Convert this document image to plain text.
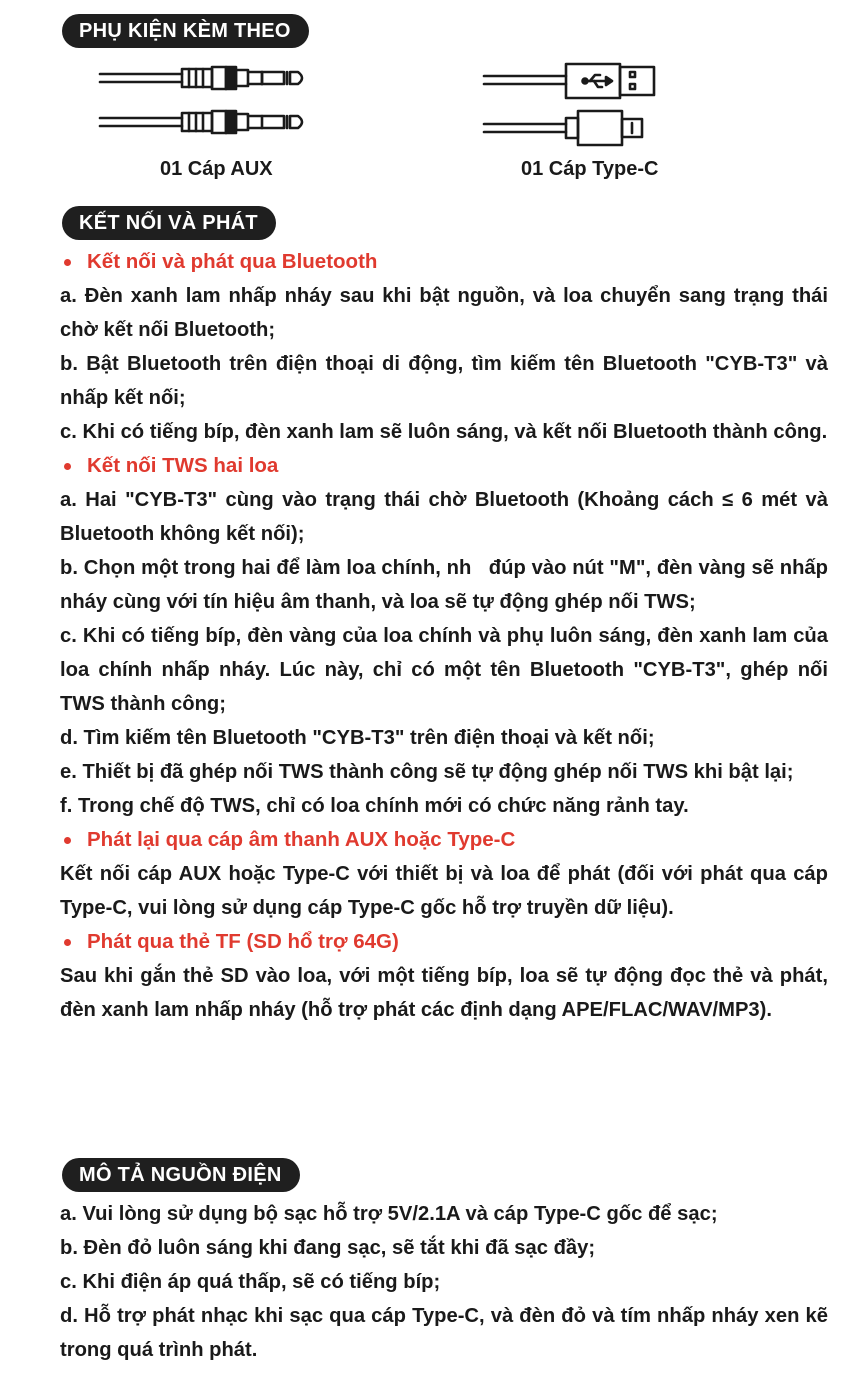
PHỤ KIỆN KÈM THEO
01 Cáp AUX	01 Cáp Type-C
KẾT NỐI VÀ PHÁT
Kết nối và phát qua Bluetooth

a. Đèn xanh lam nhấp nháy sau khi bật nguồn, và loa chuyển sang trạng thái chờ kết nối Bluetooth;

b. Bật Bluetooth trên điện thoại di động, tìm kiếm tên Bluetooth "CYB-T3" và nhấp kết nối;

c. Khi có tiếng bíp, đèn xanh lam sẽ luôn sáng, và kết nối Bluetooth thành công.

Kết nối TWS hai loa

a. Hai "CYB-T3" cùng vào trạng thái chờ Bluetooth (Khoảng cách ≤ 6 mét và Bluetooth không kết nối);

b. Chọn một trong hai để làm loa chính, nh   đúp vào nút "M", đèn vàng sẽ nhấp nháy cùng với tín hiệu âm thanh, và loa sẽ tự động ghép nối TWS;

c. Khi có tiếng bíp, đèn vàng của loa chính và phụ luôn sáng, đèn xanh lam của loa chính nhấp nháy. Lúc này, chỉ có một tên Bluetooth "CYB-T3", ghép nối TWS thành công;

d. Tìm kiếm tên Bluetooth "CYB-T3" trên điện thoại và kết nối;

e. Thiết bị đã ghép nối TWS thành công sẽ tự động ghép nối TWS khi bật lại;

f. Trong chế độ TWS, chỉ có loa chính mới có chức năng rảnh tay.

Phát lại qua cáp âm thanh AUX hoặc Type-C

Kết nối cáp AUX hoặc Type-C với thiết bị và loa để phát (đối với phát qua cáp Type-C, vui lòng sử dụng cáp Type-C gốc hỗ trợ truyền dữ liệu).

Phát qua thẻ TF (SD hổ trợ 64G)

Sau khi gắn thẻ SD vào loa, với một tiếng bíp, loa sẽ tự động đọc thẻ và phát, đèn xanh lam nhấp nháy (hỗ trợ phát các định dạng APE/FLAC/WAV/MP3).

MÔ TẢ NGUỒN ĐIỆN

a. Vui lòng sử dụng bộ sạc hỗ trợ 5V/2.1A và cáp Type-C gốc để sạc;

b. Đèn đỏ luôn sáng khi đang sạc, sẽ tắt khi đã sạc đầy;

c. Khi điện áp quá thấp, sẽ có tiếng bíp;

d. Hỗ trợ phát nhạc khi sạc qua cáp Type-C, và đèn đỏ và tím nhấp nháy xen kẽ trong quá trình phát.
